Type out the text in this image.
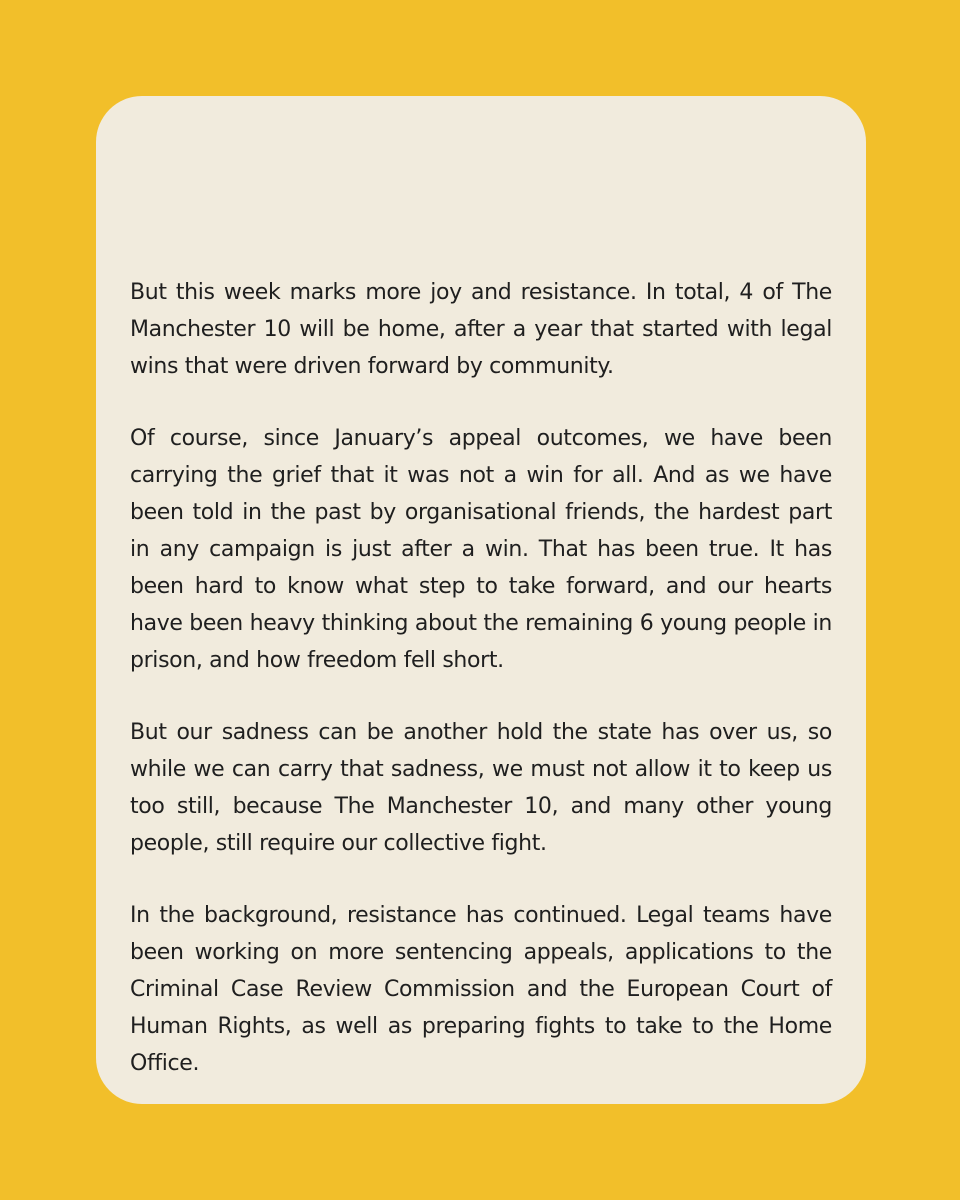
But this week marks more joy and resistance. In total, 4 of The Manchester 10 will be home, after a year that started with legal wins that were driven forward by community.

Of course, since January’s appeal outcomes, we have been carrying the grief that it was not a win for all. And as we have been told in the past by organisational friends, the hardest part in any campaign is just after a win. That has been true. It has been hard to know what step to take forward, and our hearts have been heavy thinking about the remaining 6 young people in prison, and how freedom fell short.

But our sadness can be another hold the state has over us, so while we can carry that sadness, we must not allow it to keep us too still, because The Manchester 10, and many other young people, still require our collective fight.

In the background, resistance has continued. Legal teams have been working on more sentencing appeals, applications to the Criminal Case Review Commission and the European Court of Human Rights, as well as preparing fights to take to the Home Office.
